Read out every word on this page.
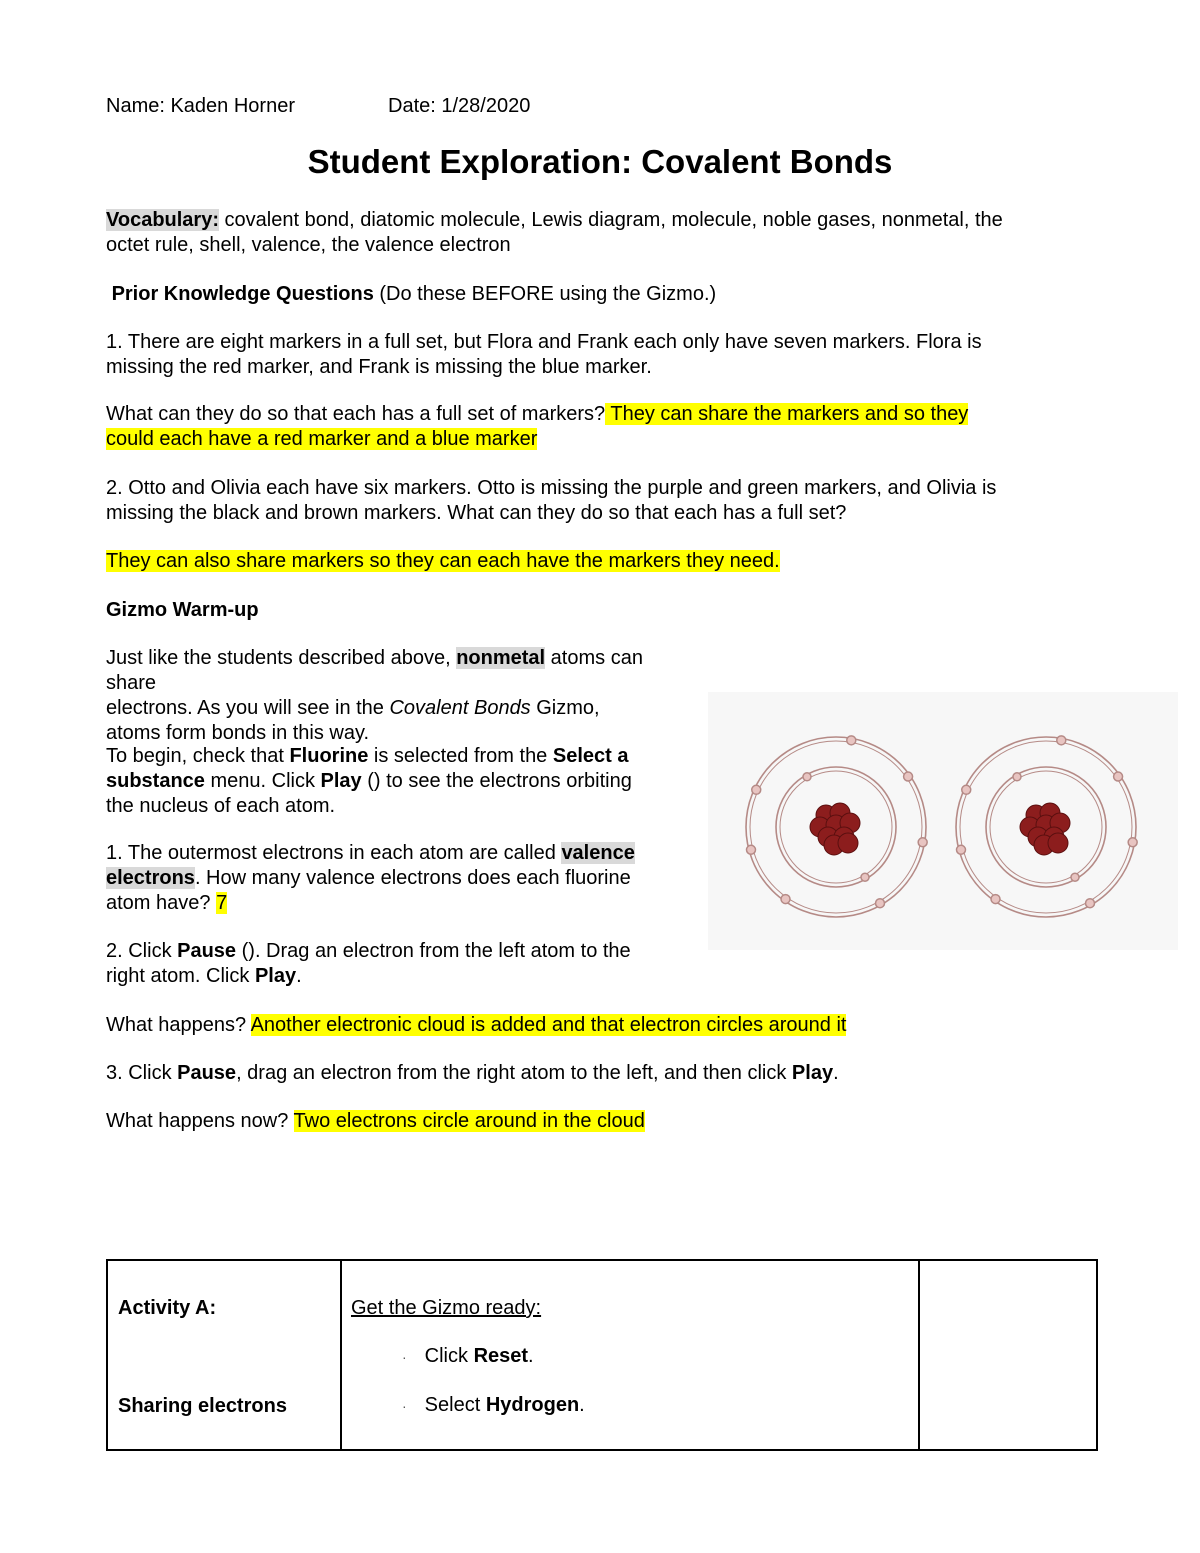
Name: Kaden Horner	Date: 1/28/2020
Student Exploration: Covalent Bonds
Vocabulary: covalent bond, diatomic molecule, Lewis diagram, molecule, noble gases, nonmetal, the
octet rule, shell, valence, the valence electron
Prior Knowledge Questions (Do these BEFORE using the Gizmo.)
1. There are eight markers in a full set, but Flora and Frank each only have seven markers. Flora is
missing the red marker, and Frank is missing the blue marker.
What can they do so that each has a full set of markers? They can share the markers and so they
could each have a red marker and a blue marker
2. Otto and Olivia each have six markers. Otto is missing the purple and green markers, and Olivia is
missing the black and brown markers. What can they do so that each has a full set?
They can also share markers so they can each have the markers they need.
Gizmo Warm-up
Just like the students described above, nonmetal atoms can share
electrons. As you will see in the Covalent Bonds Gizmo,
atoms form bonds in this way.
To begin, check that Fluorine is selected from the Select a
substance menu. Click Play () to see the electrons orbiting
the nucleus of each atom.
1. The outermost electrons in each atom are called valence
electrons. How many valence electrons does each fluorine
atom have? 7
2. Click Pause (). Drag an electron from the left atom to the
right atom. Click Play.
What happens? Another electronic cloud is added and that electron circles around it
3. Click Pause, drag an electron from the right atom to the left, and then click Play.
What happens now? Two electrons circle around in the cloud
Activity A:
Sharing electrons

Get the Gizmo ready:
· Click Reset.
· Select Hydrogen.
